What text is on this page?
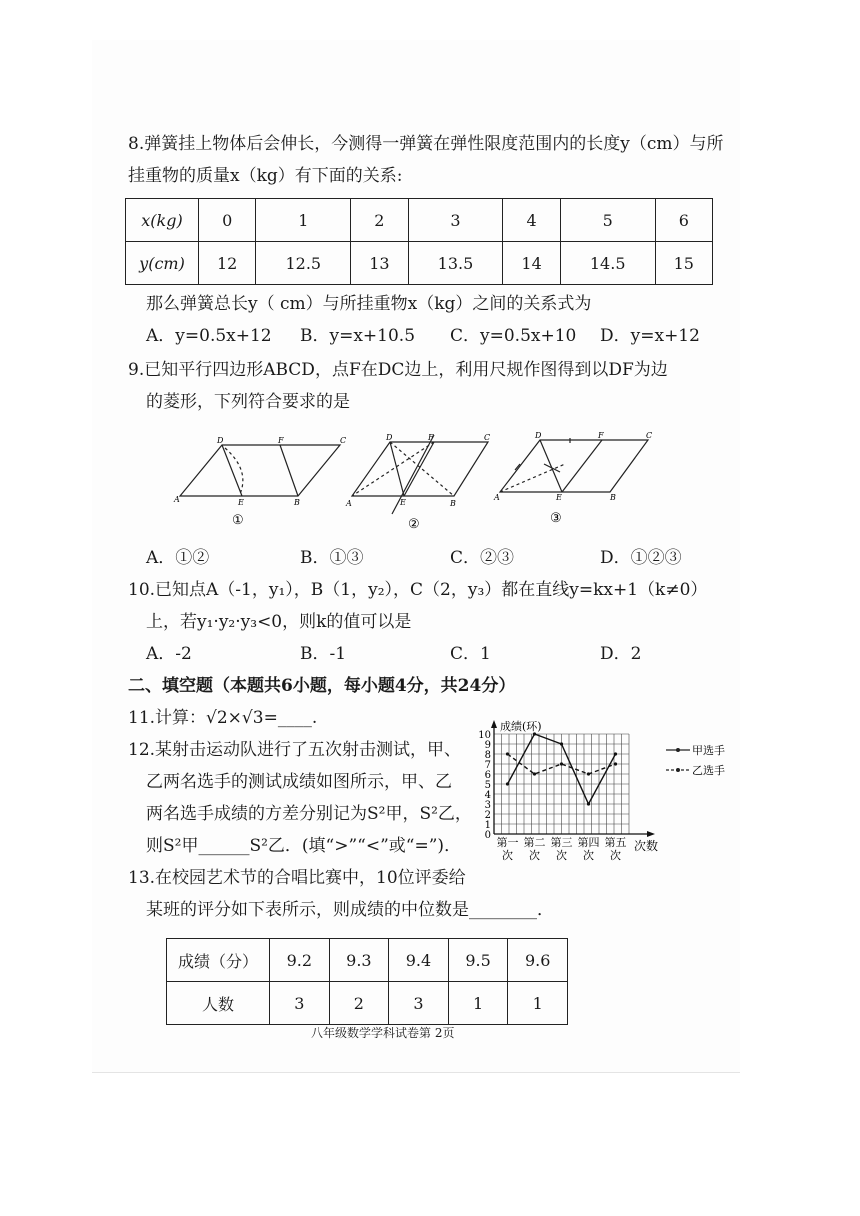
8.弹簧挂上物体后会伸长，今测得一弹簧在弹性限度范围内的长度y（cm）与所
挂重物的质量x（kg）有下面的关系:
x(kg)	0	1	2	3	4	5	6
y(cm)	12	12.5	13	13.5	14	14.5	15
那么弹簧总长y（ cm）与所挂重物x（kg）之间的关系式为
A．y=0.5x+12 B．y=x+10.5 C．y=0.5x+10 D．y=x+12
9.已知平行四边形ABCD，点F在DC边上，利用尺规作图得到以DF为边
的菱形，下列符合要求的是
A
D	F	C
E	B
①
A
D	F	C
E	B
②
A
D	F	C
E	B
③
A．①②	B．①③	C．②③	D．①②③
10.已知点A（-1，y₁），B（1，y₂），C（2，y₃）都在直线y=kx+1（k≠0）
上，若y₁·y₂·y₃<0，则k的值可以是
A．-2	B．-1	C．1	D．2
二、填空题（本题共6小题，每小题4分，共24分）
11.计算：√2×√3=____.
12.某射击运动队进行了五次射击测试，甲、
乙两名选手的测试成绩如图所示，甲、乙
两名选手成绩的方差分别记为S²甲，S²乙，
则S²甲______S²乙．(填“>”“<”或“=”)．
0
1
2
3
4
5
6
7
8
9
10
第一
次
第二
次
第三
次
第四
次
第五
次
成绩(环)
次数
甲选手
乙选手
13.在校园艺术节的合唱比赛中，10位评委给
某班的评分如下表所示，则成绩的中位数是________．
成绩（分）	9.2	9.3	9.4	9.5	9.6
人数	3	2	3	1	1
八年级数学学科试卷第 2页
